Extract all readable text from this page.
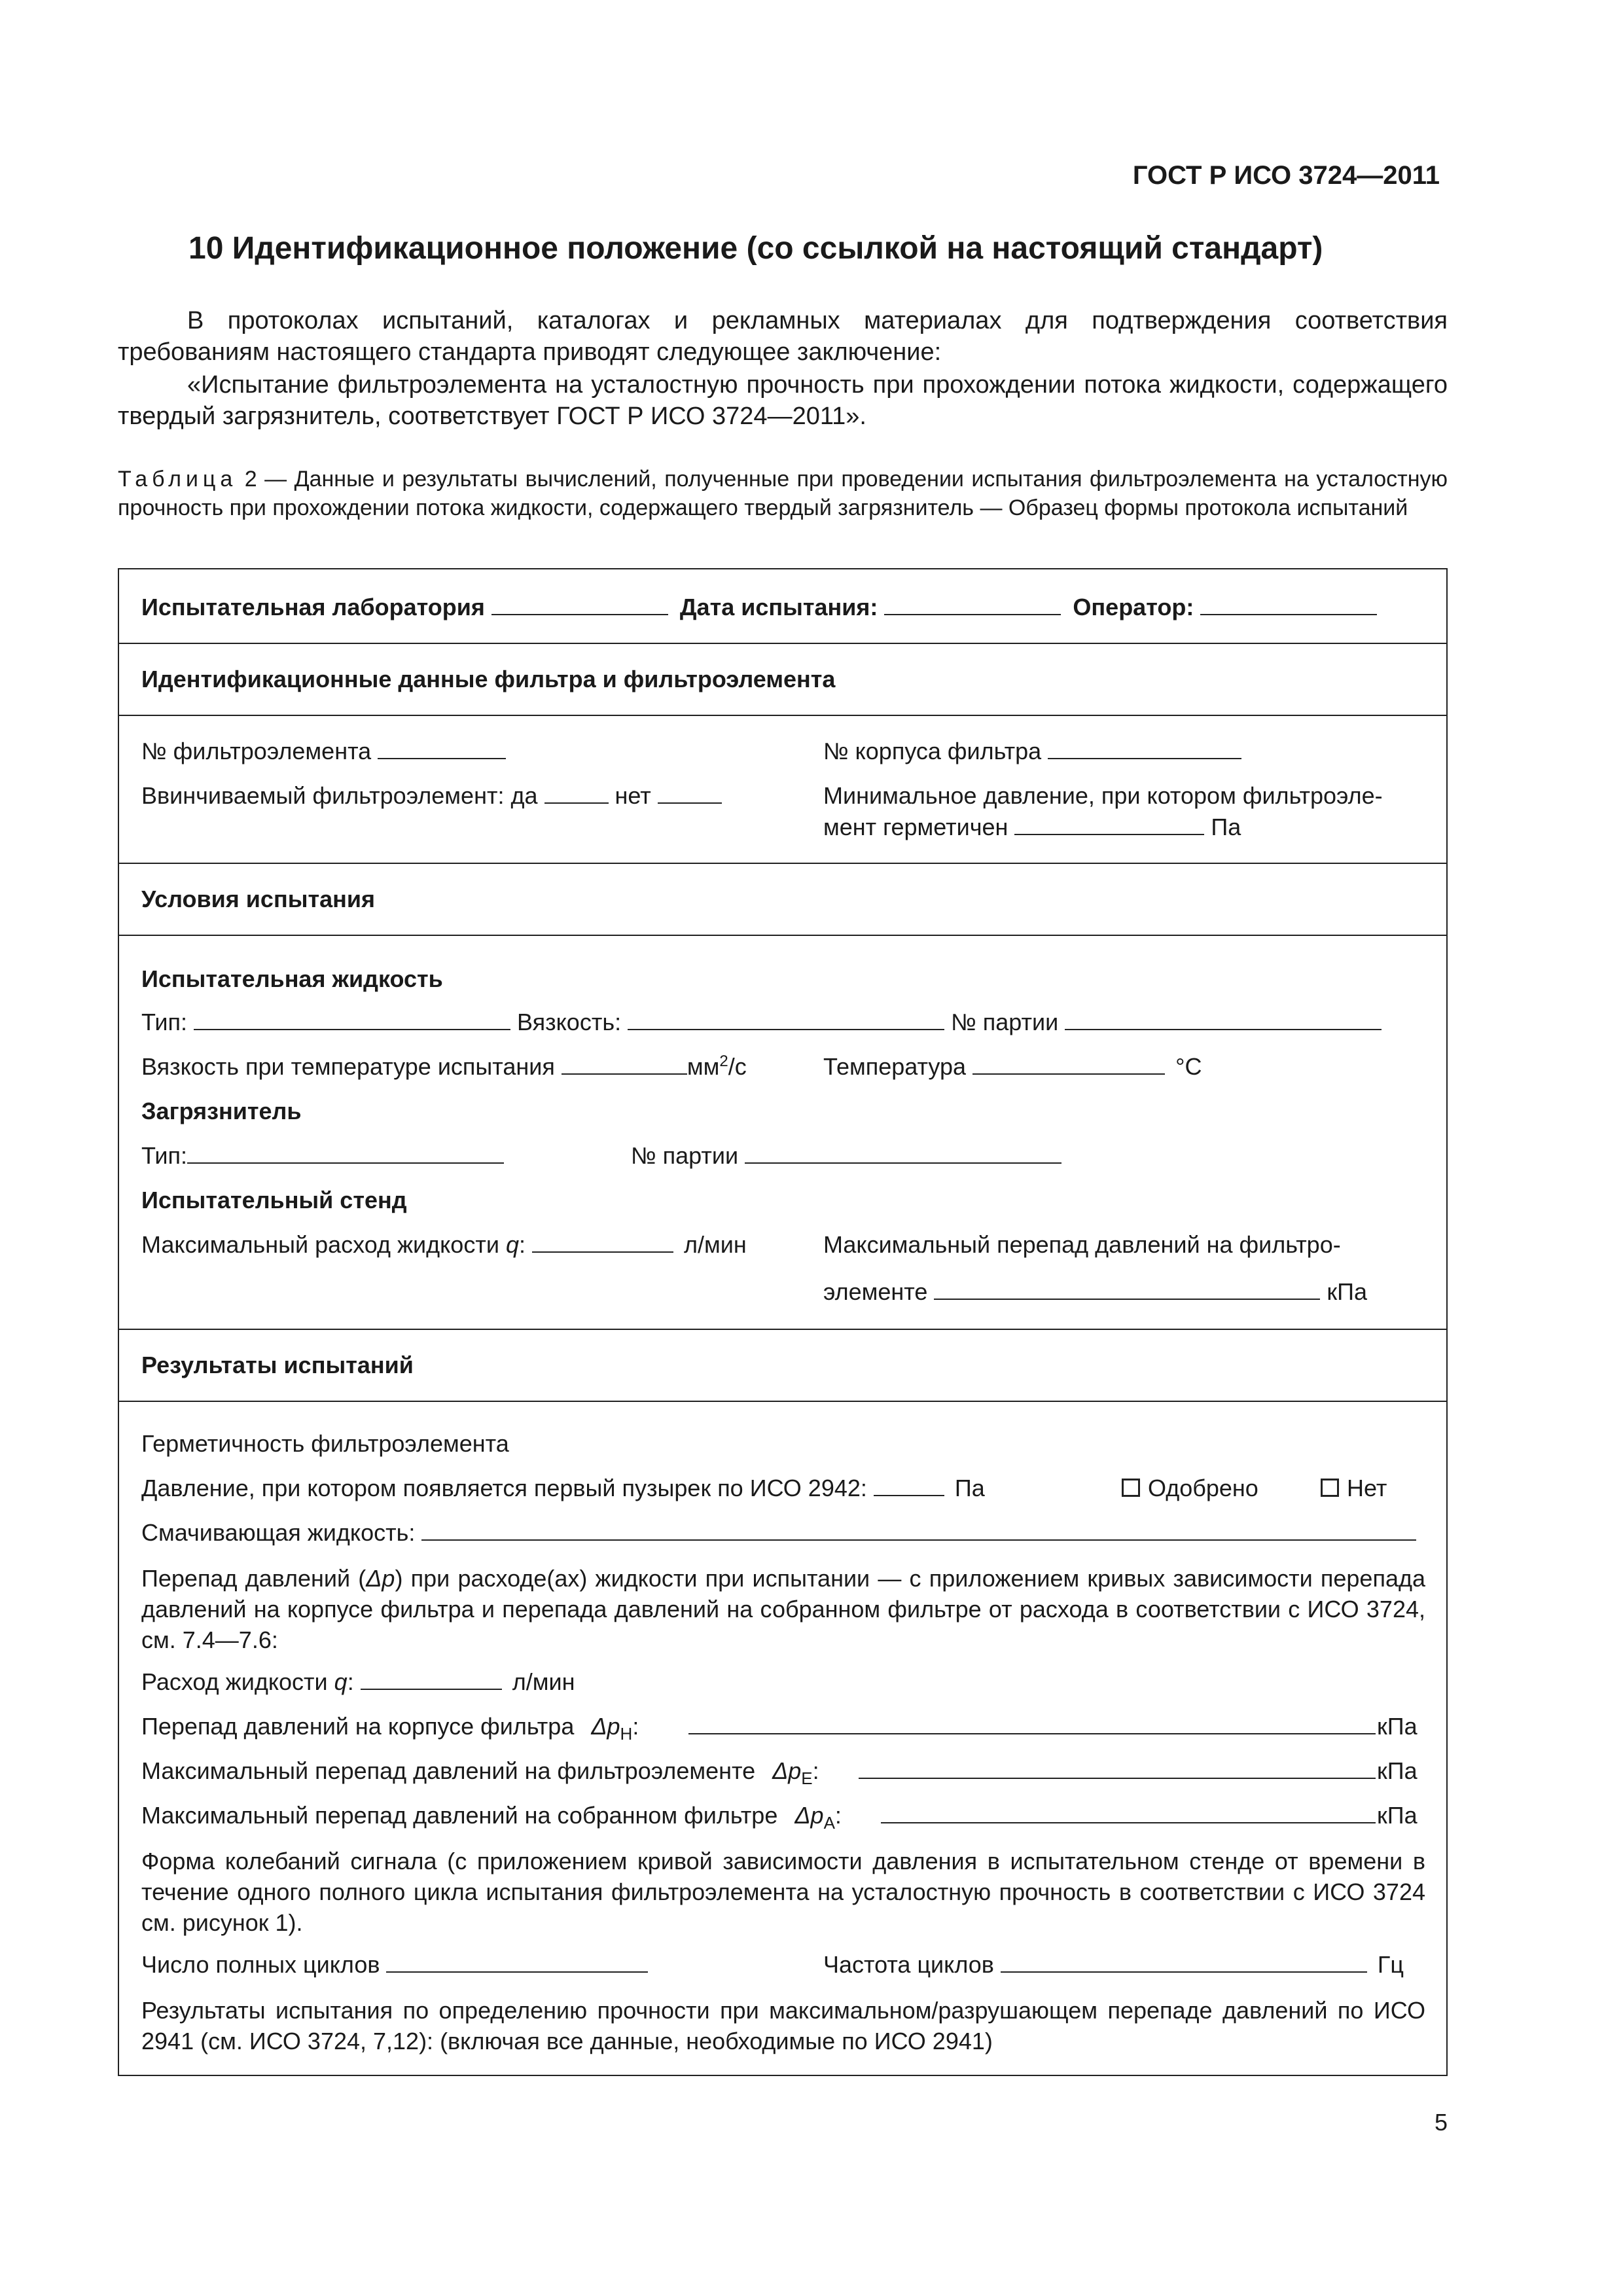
ГОСТ Р ИСО 3724—2011
10 Идентификационное положение (со ссылкой на настоящий стандарт)
В протоколах испытаний, каталогах и рекламных материалах для подтверждения соответствия требованиям настоящего стандарта приводят следующее заключение:
«Испытание фильтроэлемента на усталостную прочность при прохождении потока жидкости, содержащего твердый загрязнитель, соответствует ГОСТ Р ИСО 3724—2011».
Таблица 2 — Данные и результаты вычислений, полученные при проведении испытания фильтроэлемента на усталостную прочность при прохождении потока жидкости, содержащего твердый загрязнитель — Образец формы протокола испытаний
Испытательная лаборатория	Дата испытания:	Оператор:
Идентификационные данные фильтра и фильтроэлемента
№ фильтроэлемента	№ корпуса фильтра
Ввинчиваемый фильтроэлемент: да	нет	Минимальное давление, при котором фильтроэле-
мент герметичен	Па
Условия испытания
Испытательная жидкость
Тип:	Вязкость:	№ партии
Вязкость при температуре испытания	$мм^2/с$	Температура	°С
Загрязнитель
Тип:	№ партии
Испытательный стенд
Максимальный расход жидкости q:	л/мин	Максимальный перепад давлений на фильтро-
элементе	кПа
Результаты испытаний
Герметичность фильтроэлемента
Давление, при котором появляется первый пузырек по ИСО 2942:	Па	Одобрено	Нет
Смачивающая жидкость:
Перепад давлений (Δp) при расходе(ах) жидкости при испытании — с приложением кривых зависимости перепада давлений на корпусе фильтра и перепада давлений на собранном фильтре от расхода в соответствии с ИСО 3724, см. 7.4—7.6:
Расход жидкости q:	л/мин
Перепад давлений на корпусе фильтра $\Delta p_H$:	кПа
Максимальный перепад давлений на фильтроэлементе $\Delta p_E$:	кПа
Максимальный перепад давлений на собранном фильтре $\Delta p_A$:	кПа
Форма колебаний сигнала (с приложением кривой зависимости давления в испытательном стенде от времени в течение одного полного цикла испытания фильтроэлемента на усталостную прочность в соответствии с ИСО 3724 см. рисунок 1).
Число полных циклов	Частота циклов	Гц
Результаты испытания по определению прочности при максимальном/разрушающем перепаде давлений по ИСО 2941 (см. ИСО 3724, 7,12): (включая все данные, необходимые по ИСО 2941)
5
